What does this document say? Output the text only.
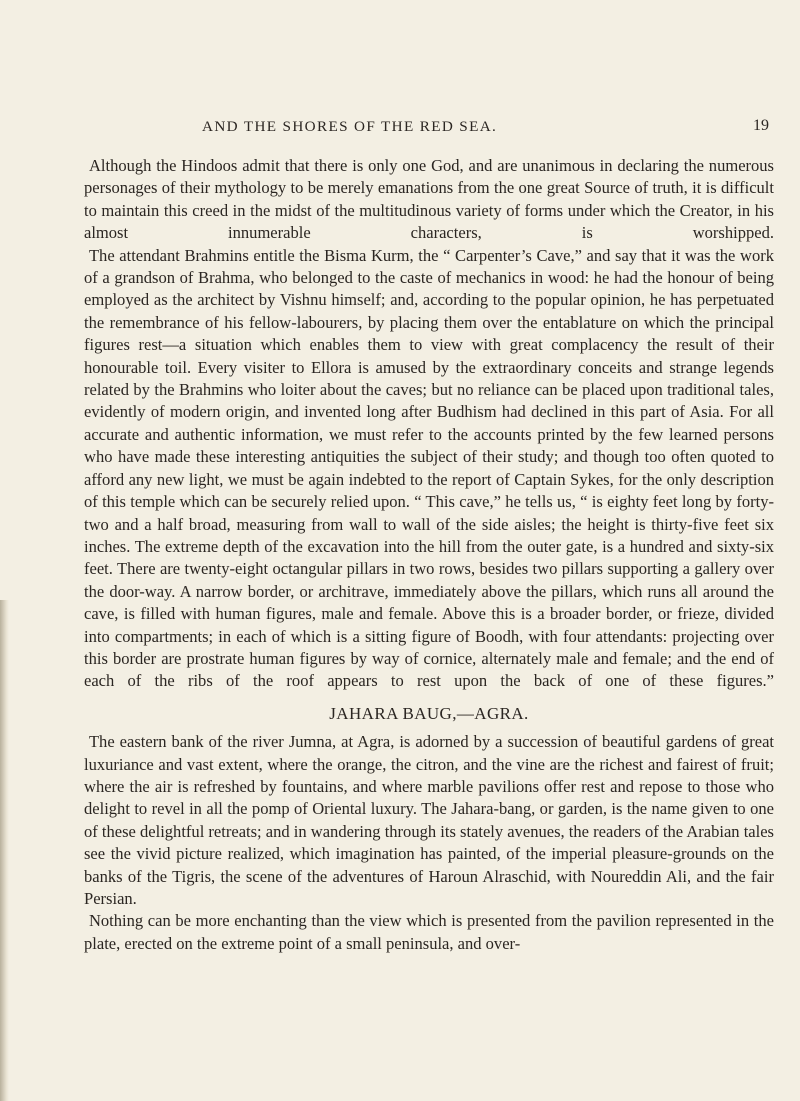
AND THE SHORES OF THE RED SEA.	19

Although the Hindoos admit that there is only one God, and are unanimous in declaring the numerous personages of their mythology to be merely emanations from the one great Source of truth, it is difficult to maintain this creed in the midst of the multitudinous variety of forms under which the Creator, in his almost innumerable characters, is worshipped.

The attendant Brahmins entitle the Bisma Kurm, the “ Carpenter’s Cave,” and say that it was the work of a grandson of Brahma, who belonged to the caste of mechanics in wood: he had the honour of being employed as the architect by Vishnu himself; and, according to the popular opinion, he has perpetuated the remembrance of his fellow-labourers, by placing them over the entablature on which the principal figures rest—a situation which enables them to view with great complacency the result of their honourable toil. Every visiter to Ellora is amused by the extraordinary conceits and strange legends related by the Brahmins who loiter about the caves; but no reliance can be placed upon traditional tales, evidently of modern origin, and invented long after Budhism had declined in this part of Asia. For all accurate and authentic information, we must refer to the accounts printed by the few learned persons who have made these interesting antiquities the subject of their study; and though too often quoted to afford any new light, we must be again indebted to the report of Captain Sykes, for the only description of this temple which can be securely relied upon. “ This cave,” he tells us, “ is eighty feet long by forty-two and a half broad, measuring from wall to wall of the side aisles; the height is thirty-five feet six inches. The extreme depth of the excavation into the hill from the outer gate, is a hundred and sixty-six feet. There are twenty-eight octangular pillars in two rows, besides two pillars supporting a gallery over the door-way. A narrow border, or architrave, immediately above the pillars, which runs all around the cave, is filled with human figures, male and female. Above this is a broader border, or frieze, divided into compartments; in each of which is a sitting figure of Boodh, with four attendants: projecting over this border are prostrate human figures by way of cornice, alternately male and female; and the end of each of the ribs of the roof appears to rest upon the back of one of these figures.”

JAHARA BAUG,—AGRA.

The eastern bank of the river Jumna, at Agra, is adorned by a succession of beautiful gardens of great luxuriance and vast extent, where the orange, the citron, and the vine are the richest and fairest of fruit; where the air is refreshed by fountains, and where marble pavilions offer rest and repose to those who delight to revel in all the pomp of Oriental luxury. The Jahara-bang, or garden, is the name given to one of these delightful retreats; and in wandering through its stately avenues, the readers of the Arabian tales see the vivid picture realized, which imagination has painted, of the imperial pleasure-grounds on the banks of the Tigris, the scene of the adventures of Haroun Alraschid, with Noureddin Ali, and the fair Persian.

Nothing can be more enchanting than the view which is presented from the pavilion represented in the plate, erected on the extreme point of a small peninsula, and over-
